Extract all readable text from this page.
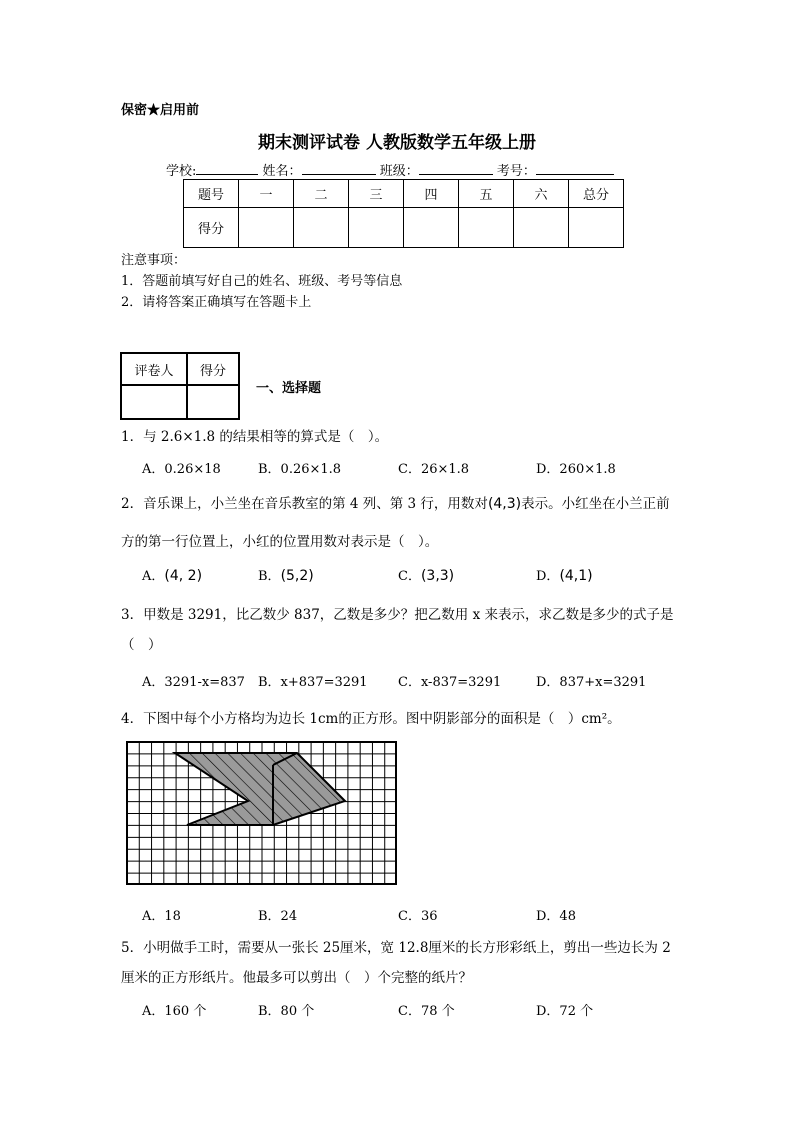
保密★启用前
期末测评试卷 人教版数学五年级上册
学校:	姓名：	班级：	考号：
题号	一	二	三	四	五	六	总分
得分							
注意事项：
1．答题前填写好自己的姓名、班级、考号等信息
2．请将答案正确填写在答题卡上
评卷人	得分

一、选择题
1．与 2.6×1.8 的结果相等的算式是（　）。
A．0.26×18	B．0.26×1.8	C．26×1.8	D．260×1.8
2．音乐课上，小兰坐在音乐教室的第 4 列、第 3 行，用数对(4,3)表示。小红坐在小兰正前
方的第一行位置上，小红的位置用数对表示是（　）。
A．(4, 2)	B．(5,2)	C．(3,3)	D．(4,1)
3．甲数是 3291，比乙数少 837，乙数是多少？把乙数用 x 来表示，求乙数是多少的式子是
（　）
A．3291-x=837 B．x+837=3291 C．x-837=3291	D．837+x=3291
4．下图中每个小方格均为边长 1cm的正方形。图中阴影部分的面积是（　）cm²。
A．18	B．24	C．36	D．48
5．小明做手工时，需要从一张长 25厘米，宽 12.8厘米的长方形彩纸上，剪出一些边长为 2
厘米的正方形纸片。他最多可以剪出（　）个完整的纸片？
A．160 个	B．80 个	C．78 个	D．72 个
